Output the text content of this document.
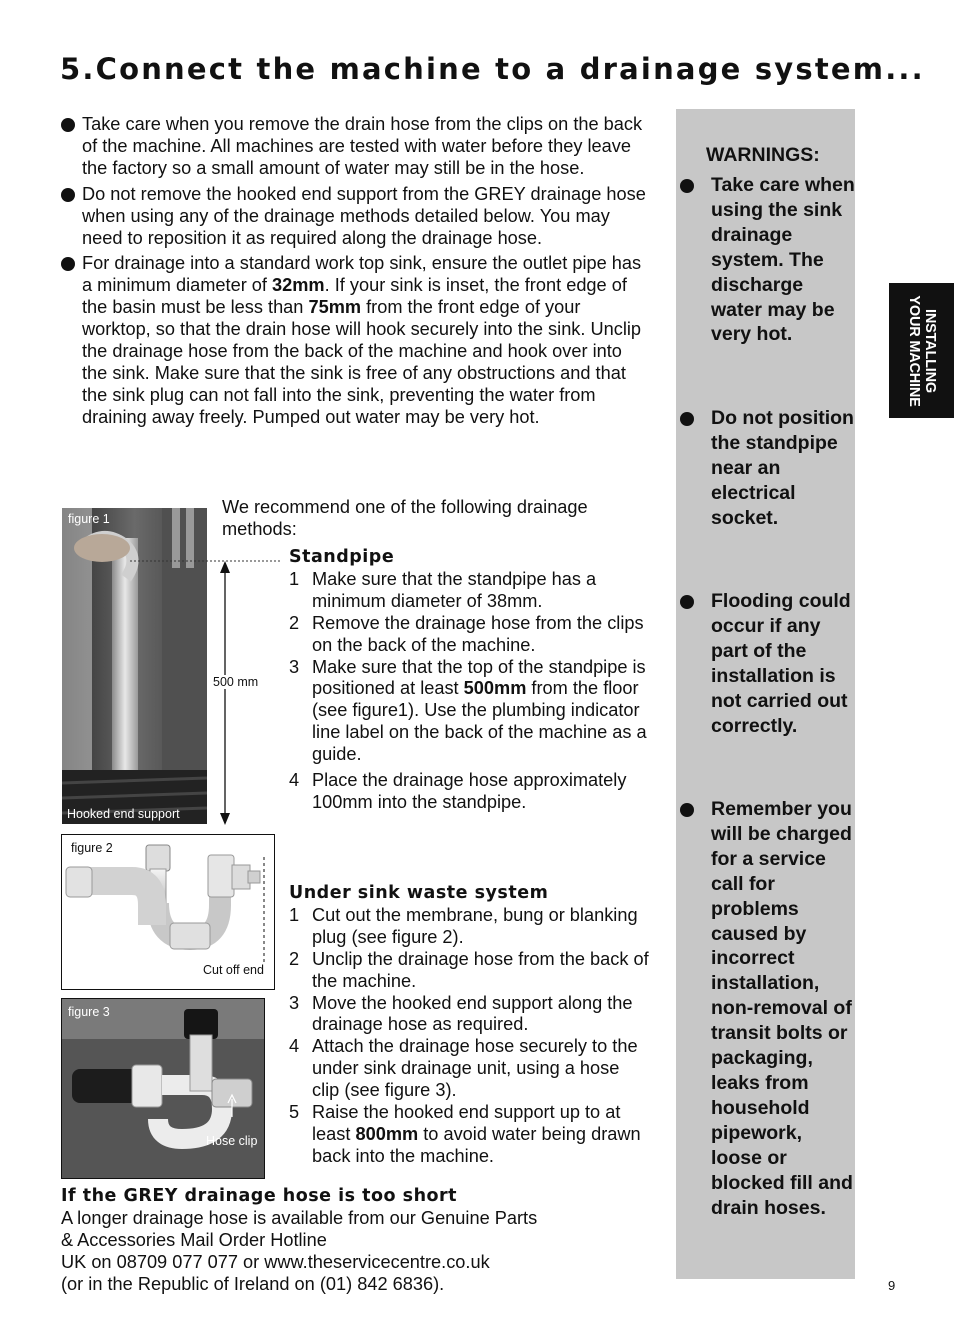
5.Connect the machine to a drainage system...
Take care when you remove the drain hose from the clips on the back of the machine. All machines are tested with water before they leave the factory so a small amount of water may still be in the hose.
Do not remove the hooked end support from the GREY drainage hose when using any of the drainage methods detailed below. You may need to reposition it as required along the drainage hose.
For drainage into a standard work top sink, ensure the outlet pipe has a minimum diameter of 32mm. If your sink is inset, the front edge of the basin must be less than 75mm from the front edge of your worktop, so that the drain hose will hook securely into the sink. Unclip the drainage hose from the back of the machine and hook over into the sink. Make sure that the sink is free of any obstructions and that the sink plug can not fall into the sink, preventing the water from draining away freely. Pumped out water may be very hot.
figure 1
Hooked end support
500 mm
figure 2
Cut off end
figure 3
Hose clip
We recommend one of the following drainage methods:
Standpipe
1 Make sure that the standpipe has a minimum diameter of 38mm.
2 Remove the drainage hose from the clips on the back of the machine.
3 Make sure that the top of the standpipe is positioned at least 500mm from the floor (see figure1). Use the plumbing indicator line label on the back of the machine as a guide.
4 Place the drainage hose approximately 100mm into the standpipe.
Under sink waste system
1 Cut out the membrane, bung or blanking plug (see figure 2).
2 Unclip the drainage hose from the back of the machine.
3 Move the hooked end support along the drainage hose as required.
4 Attach the drainage hose securely to the under sink drainage unit, using a hose clip (see figure 3).
5 Raise the hooked end support up to at least 800mm to avoid water being drawn back into the machine.
If the GREY drainage hose is too short
A longer drainage hose is available from our Genuine Parts
& Accessories Mail Order Hotline
UK on 08709 077 077 or www.theservicecentre.co.uk
(or in the Republic of Ireland on (01) 842 6836).
WARNINGS:
Take care when using the sink drainage system. The discharge water may be very hot.
Do not position the standpipe near an electrical socket.
Flooding could occur if any part of the installation is not carried out correctly.
Remember you will be charged for a service call for problems caused by incorrect installation, non-removal of transit bolts or packaging, leaks from household pipework, loose or blocked fill and drain hoses.
INSTALLING
YOUR MACHINE
9
